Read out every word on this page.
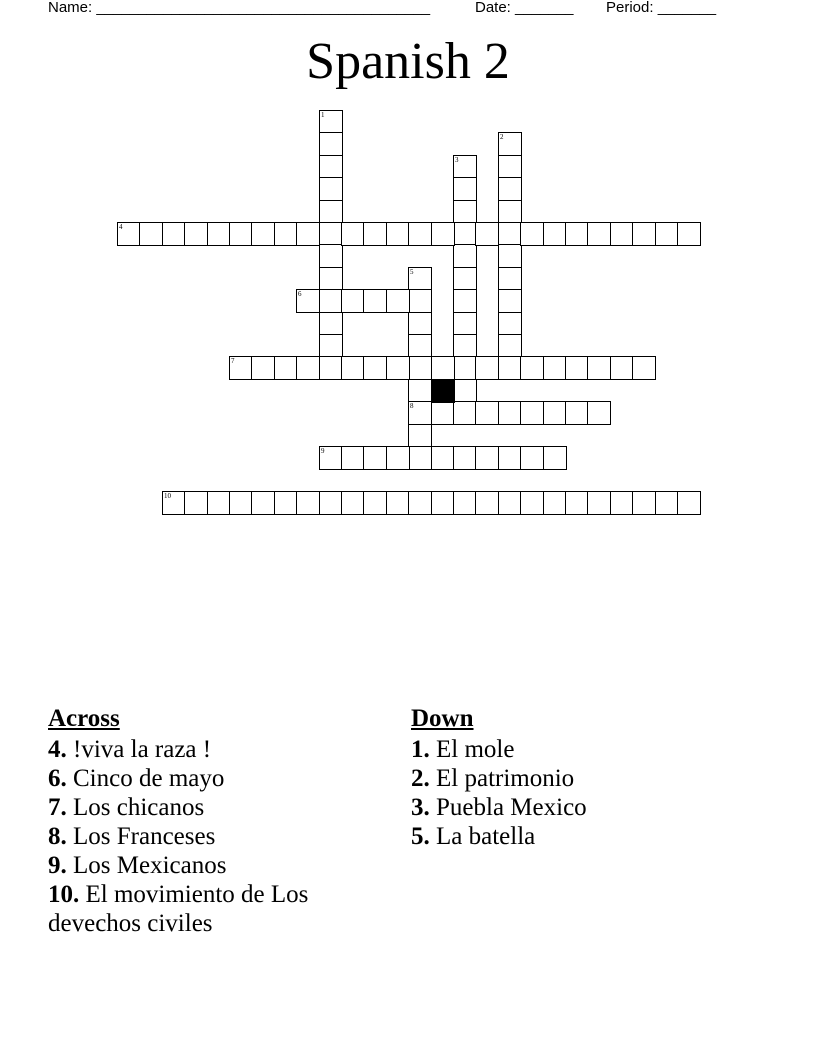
Name: ________________________________________	Date: _______ Period: _______
Spanish 2
1
2
3
4
5
8
6
7
9
10
Across
4. !viva la raza !
6. Cinco de mayo
7. Los chicanos
8. Los Franceses
9. Los Mexicanos
10. El movimiento de Los devechos civiles
Down
1. El mole
2. El patrimonio
3. Puebla Mexico
5. La batella
